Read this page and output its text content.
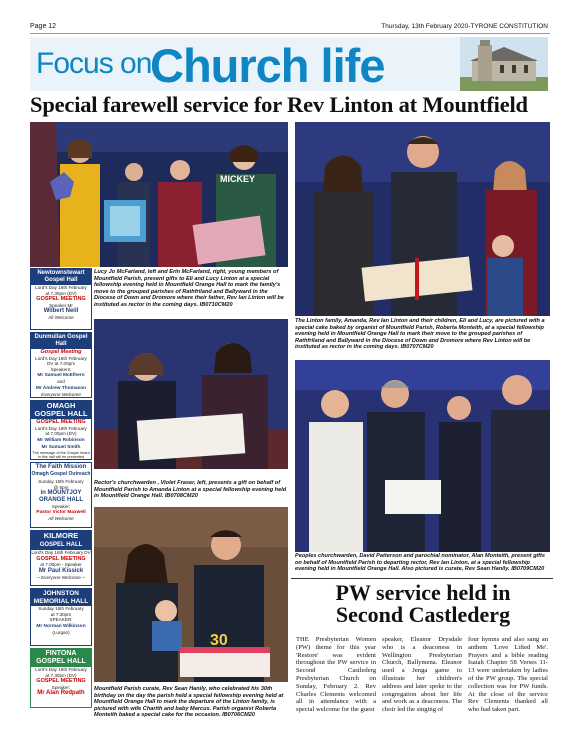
Page 12	Thursday, 13th February 2020-TYRONE CONSTITUTION
Focus on
Church life
Special farewell service for Rev Linton at Mountfield
MICKEY
Lucy Jo McFarland, left and Erin McFarland, right, young members of Mountfield Parish, present gifts to Eli and Lucy Linton at a special fellowship evening held in Mountfield Orange Hall to mark the family's move to the grouped parishes of Rathfriland and Ballyward in the Diocese of Down and Dromore where their father, Rev Ian Linton will be instituted as rector in the coming days. IB0710CM20
The Linton family, Amanda, Rev Ian Linton and their children, Eli and Lucy, are pictured with a special cake baked by organist of Mountfield Parish, Roberta Monteith, at a special fellowship evening held in Mountfield Orange Hall to mark their move to the grouped parishes of Rathfriland and Ballyward in the Diocese of Down and Dromore where Rev Linton will be instituted as rector in the coming days. IB0707CM20
Rector's churchwarden , Violet Fraser, left, presents a gift on behalf of Mountfield Parish to Amanda Linton at a special fellowship evening held in Mountfield Orange Hall. IB0708CM20
Peoples churchwarden, David Patterson and parochial nominator, Alan Monteith, present gifts on behalf of Mountfield Parish to departing rector, Rev Ian Linton, at a special fellowship evening held in Mountfield Orange Hall. Also pictured is curate, Rev Sean Hanily. IB0709CM20
30
Mountfield Parish curate, Rev Sean Hanily, who celebrated his 30th birthday on the day the parish held a special fellowship evening held at Mountfield Orange Hall to mark the departure of the Linton family, is pictured with wife Charith and baby Marcus. Parish organist Roberta Monteith baked a special cake for the occasion. IB0706CM20
Newtownstewart
Gospel Hall
Lord's Day 16th February
at 7.30pm (DV)
GOSPEL MEETING
Speaker Mr
Wilbert Neill
All Welcome
Dunmullan Gospel Hall
Gospel Meeting
Lord's Day 16th February
DV at 7.00pm
Speakers:
Mr Samuel McElhern
and
Mr Andrew Thomason
Everyone Welcome
OMAGH
GOSPEL HALL
GOSPEL MEETING
Lord's Day 16th February
at 7.00pm (DV)
Mr William Robinson
Mr Samuel Smith
The message of the Gospel heard in this hall will be presented
The Faith Mission
Omagh Gospel Outreach
Sunday 16th February
@ 8pm
in MOUNTJOY
ORANGE HALL
Speaker:
Pastor Victor Maxwell
All Welcome
KILMORE
GOSPEL HALL
Lord's Day 16th February DV
GOSPEL MEETING
at 7.00pm - Speaker
Mr Paul Kissick
~ Everyone Welcome ~
JOHNSTON
MEMORIAL HALL
Sunday 16th February
at 7:30pm
SPEAKER:
Mr Norman Wilkinson
(Lurgan)
FINTONA
GOSPEL HALL
Lord's Day 16th February
at 7.30pm (DV)
GOSPEL MEETING
Speaker:
Mr Alan Redpath
PW service held in
Second Castlederg
THE Presbyterian Women (PW) theme for this year 'Restore' was evident throughout the PW service in Second Castlederg Presbyterian Church on Sunday, February 2. Rev Charles Clements welcomed all in attendance with a special welcome for the guest
speaker, Eleanor Drysdale who is a deaconess in Wellington Presbyterian Church, Ballymena. Eleanor used a Jenga game to illustrate her children's address and later spoke to the congregation about her life and work as a deaconess. The choir led the singing of
four hymns and also sang an anthem 'Love Lifted Me'. Prayers and a bible reading Isaiah Chapter 58 Verses 11-13 were undertaken by ladies of the PW group. The special collection was for PW funds. At the close of the service Rev Clements thanked all who had taken part.
